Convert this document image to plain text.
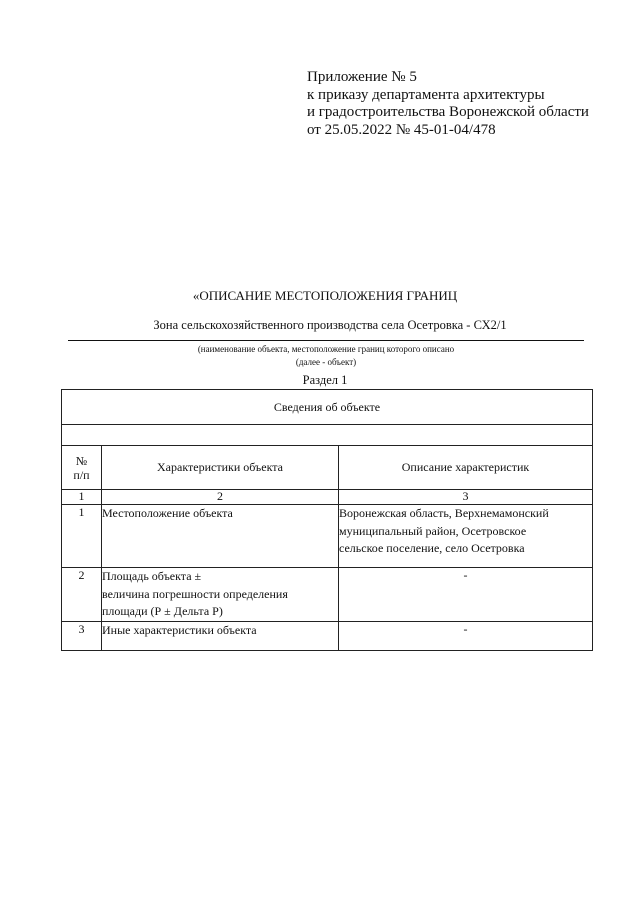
Приложение № 5
к приказу департамента архитектуры
и градостроительства Воронежской области
от 25.05.2022 № 45-01-04/478
«ОПИСАНИЕ МЕСТОПОЛОЖЕНИЯ ГРАНИЦ
Зона сельскохозяйственного производства села Осетровка - СХ2/1
(наименование объекта, местоположение границ которого описано
(далее - объект)
Раздел 1
Сведения об объекте		

№
п/п	Характеристики объекта	Описание характеристик
1	2	3
1	Местоположение объекта	Воронежская область, Верхнемамонский
муниципальный район, Осетровское
сельское поселение, село Осетровка

2	Площадь объекта ±
величина погрешности определения
площади (Р ± Дельта Р)	-

3	Иные характеристики объекта	-
